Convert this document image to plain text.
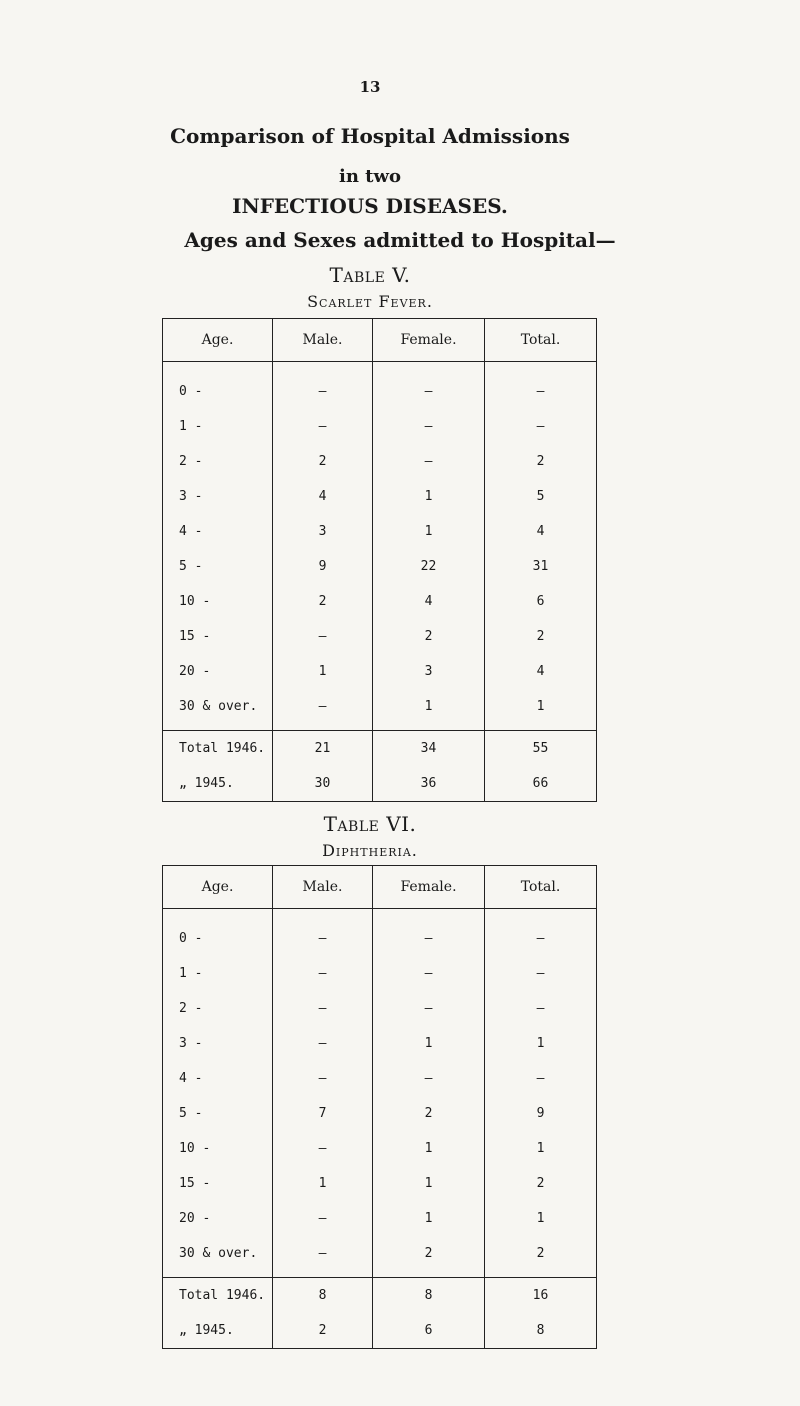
13
Comparison of Hospital Admissions
in two
INFECTIOUS DISEASES.
Ages and Sexes admitted to Hospital—
Table V.
Scarlet Fever.
Age.	Male.	Female.	Total.
0 -	—	—	—
1 -	—	—	—
2 -	2	—	2
3 -	4	1	5
4 -	3	1	4
5 -	9	22	31
10 -	2	4	6
15 -	—	2	2
20 -	1	3	4
30 & over.	—	1	1
Total 1946.	21	34	55
„ 1945.	30	36	66
Table VI.
Diphtheria.
Age.	Male.	Female.	Total.
0 -	—	—	—
1 -	—	—	—
2 -	—	—	—
3 -	—	1	1
4 -	—	—	—
5 -	7	2	9
10 -	—	1	1
15 -	1	1	2
20 -	—	1	1
30 & over.	—	2	2
Total 1946.	8	8	16
„ 1945.	2	6	8
